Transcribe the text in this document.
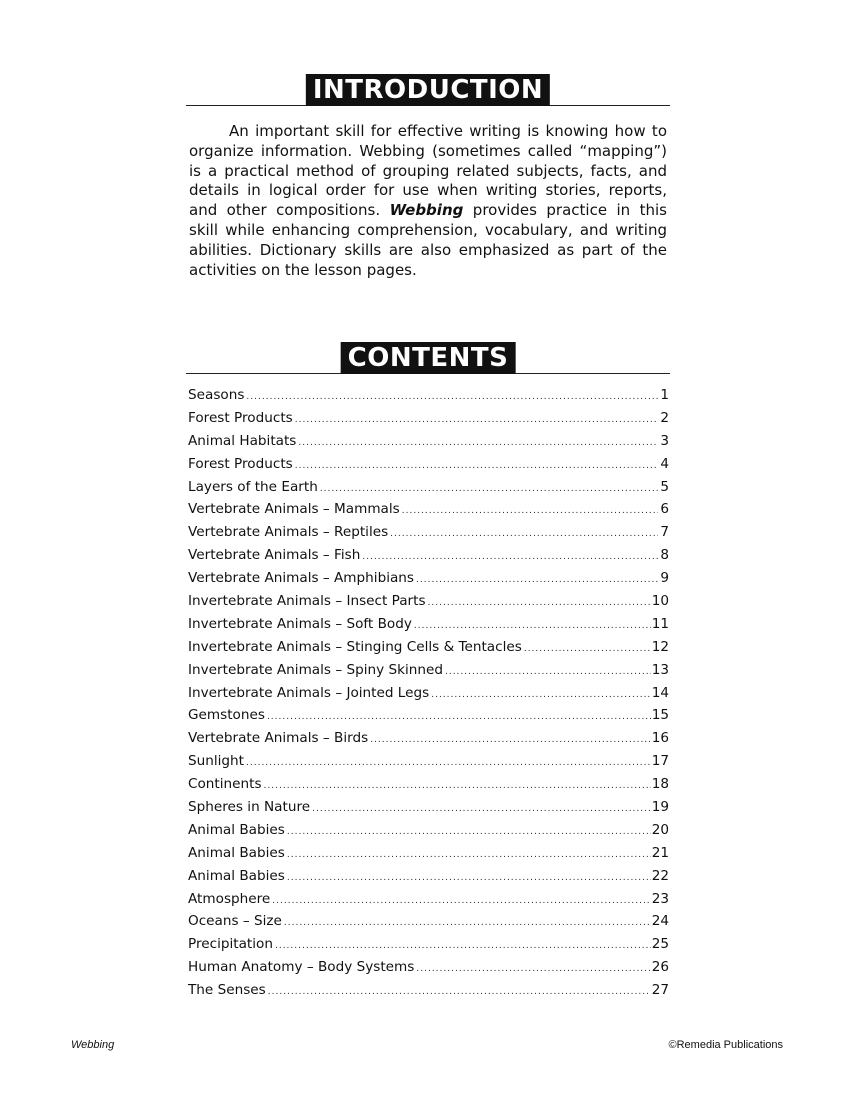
INTRODUCTION

An important skill for effective writing is knowing how to organize information. Webbing (sometimes called “mapping”) is a practical method of grouping related subjects, facts, and details in logical order for use when writing stories, reports, and other compositions. Webbing provides practice in this skill while enhancing comprehension, vocabulary, and writing abilities. Dictionary skills are also emphasized as part of the activities on the lesson pages.

CONTENTS
Seasons .....	1
Forest Products .....	2
Animal Habitats .....	3
Forest Products .....	4
Layers of the Earth .....	5
Vertebrate Animals – Mammals .....	6
Vertebrate Animals – Reptiles .....	7
Vertebrate Animals – Fish .....	8
Vertebrate Animals – Amphibians .....	9
Invertebrate Animals – Insect Parts .....	10
Invertebrate Animals – Soft Body .....	11
Invertebrate Animals – Stinging Cells & Tentacles .....	12
Invertebrate Animals – Spiny Skinned .....	13
Invertebrate Animals – Jointed Legs .....	14
Gemstones .....	15
Vertebrate Animals – Birds .....	16
Sunlight .....	17
Continents .....	18
Spheres in Nature .....	19
Animal Babies .....	20
Animal Babies .....	21
Animal Babies .....	22
Atmosphere .....	23
Oceans – Size .....	24
Precipitation .....	25
Human Anatomy – Body Systems .....	26
The Senses .....	27
Webbing	©Remedia Publications
